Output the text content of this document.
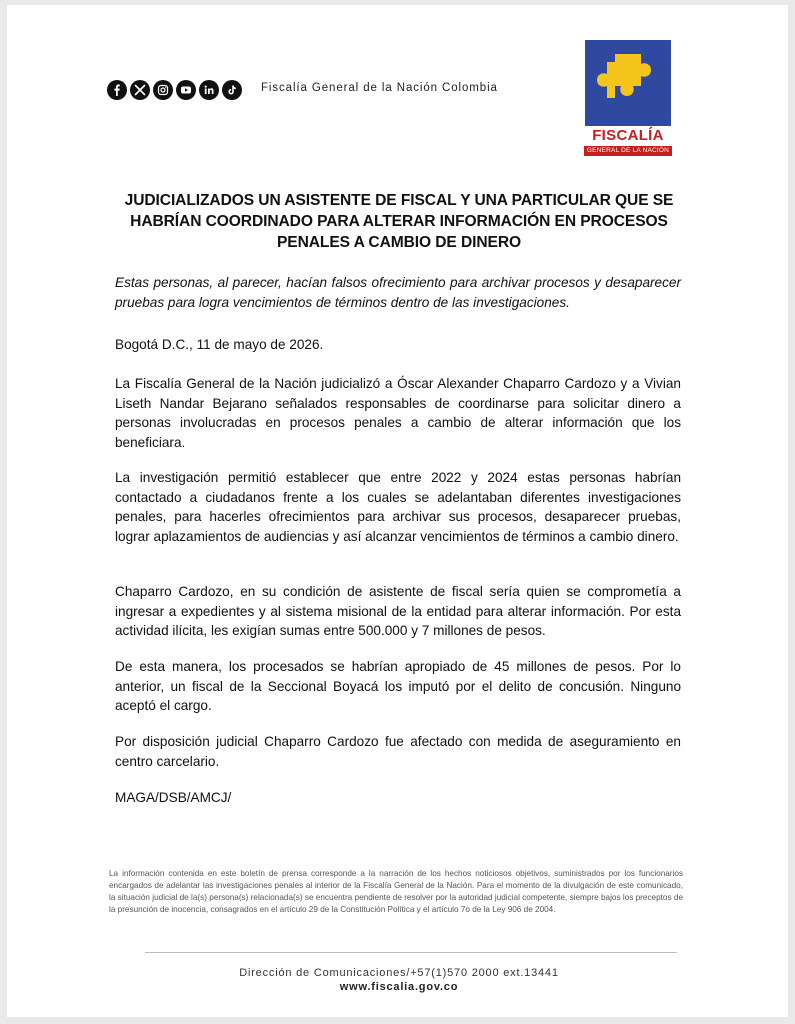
Fiscalía General de la Nación Colombia
FISCALÍA
GENERAL DE LA NACIÓN
JUDICIALIZADOS UN ASISTENTE DE FISCAL Y UNA PARTICULAR QUE SE HABRÍAN COORDINADO PARA ALTERAR INFORMACIÓN EN PROCESOS PENALES A CAMBIO DE DINERO
Estas personas, al parecer, hacían falsos ofrecimiento para archivar procesos y desaparecer pruebas para logra vencimientos de términos dentro de las investigaciones.
Bogotá D.C., 11 de mayo de 2026.
La Fiscalía General de la Nación judicializó a Óscar Alexander Chaparro Cardozo y a Vivian Liseth Nandar Bejarano señalados responsables de coordinarse para solicitar dinero a personas involucradas en procesos penales a cambio de alterar información que los beneficiara.
La investigación permitió establecer que entre 2022 y 2024 estas personas habrían contactado a ciudadanos frente a los cuales se adelantaban diferentes investigaciones penales, para hacerles ofrecimientos para archivar sus procesos, desaparecer pruebas, lograr aplazamientos de audiencias y así alcanzar vencimientos de términos a cambio dinero.
Chaparro Cardozo, en su condición de asistente de fiscal sería quien se comprometía a ingresar a expedientes y al sistema misional de la entidad para alterar información. Por esta actividad ilícita, les exigían sumas entre 500.000 y 7 millones de pesos.
De esta manera, los procesados se habrían apropiado de 45 millones de pesos. Por lo anterior, un fiscal de la Seccional Boyacá los imputó por el delito de concusión. Ninguno aceptó el cargo.
Por disposición judicial Chaparro Cardozo fue afectado con medida de aseguramiento en centro carcelario.
MAGA/DSB/AMCJ/
La información contenida en este boletín de prensa corresponde a la narración de los hechos noticiosos objetivos, suministrados por los funcionarios encargados de adelantar las investigaciones penales al interior de la Fiscalía General de la Nación. Para el momento de la divulgación de este comunicado, la situación judicial de la(s) persona(s) relacionada(s) se encuentra pendiente de resolver por la autoridad judicial competente, siempre bajos los preceptos de la presunción de inocencia, consagrados en el artículo 29 de la Constitución Política y el artículo 7o de la Ley 906 de 2004.
Dirección de Comunicaciones/+57(1)570 2000 ext.13441
www.fiscalia.gov.co
